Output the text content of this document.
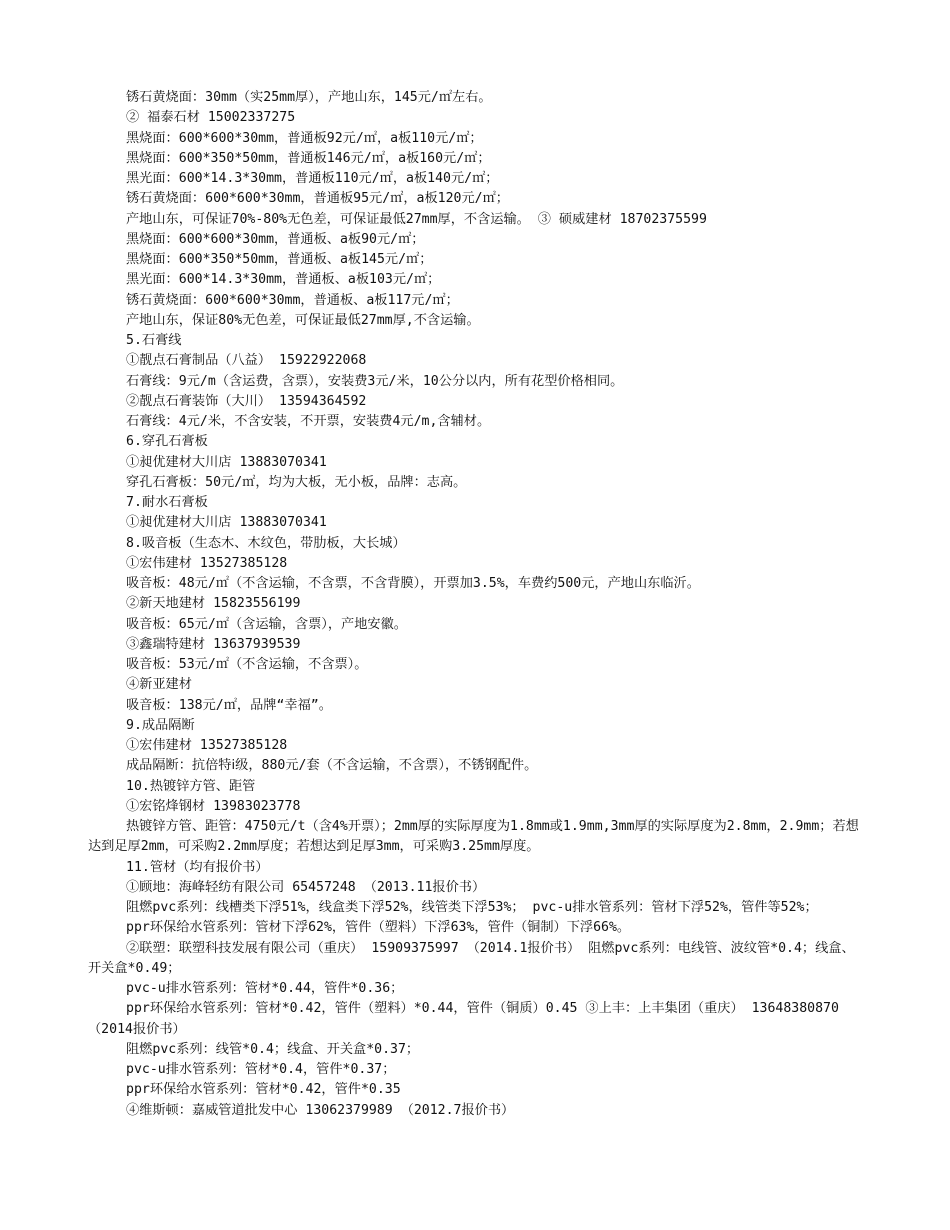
锈石黄烧面：30mm（实25mm厚），产地山东，145元/㎡左右。
② 福泰石材 15002337275
黑烧面：600*600*30mm，普通板92元/㎡，a板110元/㎡；
黑烧面：600*350*50mm，普通板146元/㎡，a板160元/㎡；
黑光面：600*14.3*30mm，普通板110元/㎡，a板140元/㎡；
锈石黄烧面：600*600*30mm，普通板95元/㎡，a板120元/㎡；
产地山东，可保证70%-80%无色差，可保证最低27mm厚，不含运输。 ③ 硕威建材 18702375599
黑烧面：600*600*30mm，普通板、a板90元/㎡；
黑烧面：600*350*50mm，普通板、a板145元/㎡；
黑光面：600*14.3*30mm，普通板、a板103元/㎡；
锈石黄烧面：600*600*30mm，普通板、a板117元/㎡；
产地山东，保证80%无色差，可保证最低27mm厚,不含运输。
5.石膏线
①靓点石膏制品（八益） 15922922068
石膏线：9元/m（含运费，含票），安装费3元/米，10公分以内，所有花型价格相同。
②靓点石膏装饰（大川） 13594364592
石膏线：4元/米，不含安装，不开票，安装费4元/m,含辅材。
6.穿孔石膏板
①昶优建材大川店 13883070341
穿孔石膏板：50元/㎡，均为大板，无小板，品牌：志高。
7.耐水石膏板
①昶优建材大川店 13883070341
8.吸音板（生态木、木纹色，带肋板，大长城）
①宏伟建材 13527385128
吸音板：48元/㎡（不含运输，不含票，不含背膜），开票加3.5%，车费约500元，产地山东临沂。
②新天地建材 15823556199
吸音板：65元/㎡（含运输，含票），产地安徽。
③鑫瑞特建材 13637939539
吸音板：53元/㎡（不含运输，不含票）。
④新亚建材
吸音板：138元/㎡，品牌“幸福”。
9.成品隔断
①宏伟建材 13527385128
成品隔断：抗倍特ⅰ级，880元/套（不含运输，不含票），不锈钢配件。
10.热镀锌方管、距管
①宏铭烽钢材 13983023778
热镀锌方管、距管：4750元/t（含4%开票）；2mm厚的实际厚度为1.8mm或1.9mm,3mm厚的实际厚度为2.8mm，2.9mm；若想达到足厚2mm，可采购2.2mm厚度；若想达到足厚3mm，可采购3.25mm厚度。
11.管材（均有报价书）
①顾地：海峰轻纺有限公司 65457248 （2013.11报价书）
阻燃pvc系列：线槽类下浮51%，线盒类下浮52%，线管类下浮53%； pvc-u排水管系列：管材下浮52%，管件等52%；
ppr环保给水管系列：管材下浮62%，管件（塑料）下浮63%，管件（铜制）下浮66%。
②联塑：联塑科技发展有限公司（重庆） 15909375997 （2014.1报价书） 阻燃pvc系列：电线管、波纹管*0.4；线盒、开关盒*0.49；
pvc-u排水管系列：管材*0.44，管件*0.36；
ppr环保给水管系列：管材*0.42，管件（塑料）*0.44，管件（铜质）0.45 ③上丰：上丰集团（重庆） 13648380870 （2014报价书）
阻燃pvc系列：线管*0.4；线盒、开关盒*0.37；
pvc-u排水管系列：管材*0.4，管件*0.37；
ppr环保给水管系列：管材*0.42，管件*0.35
④维斯顿：嘉威管道批发中心 13062379989 （2012.7报价书）
